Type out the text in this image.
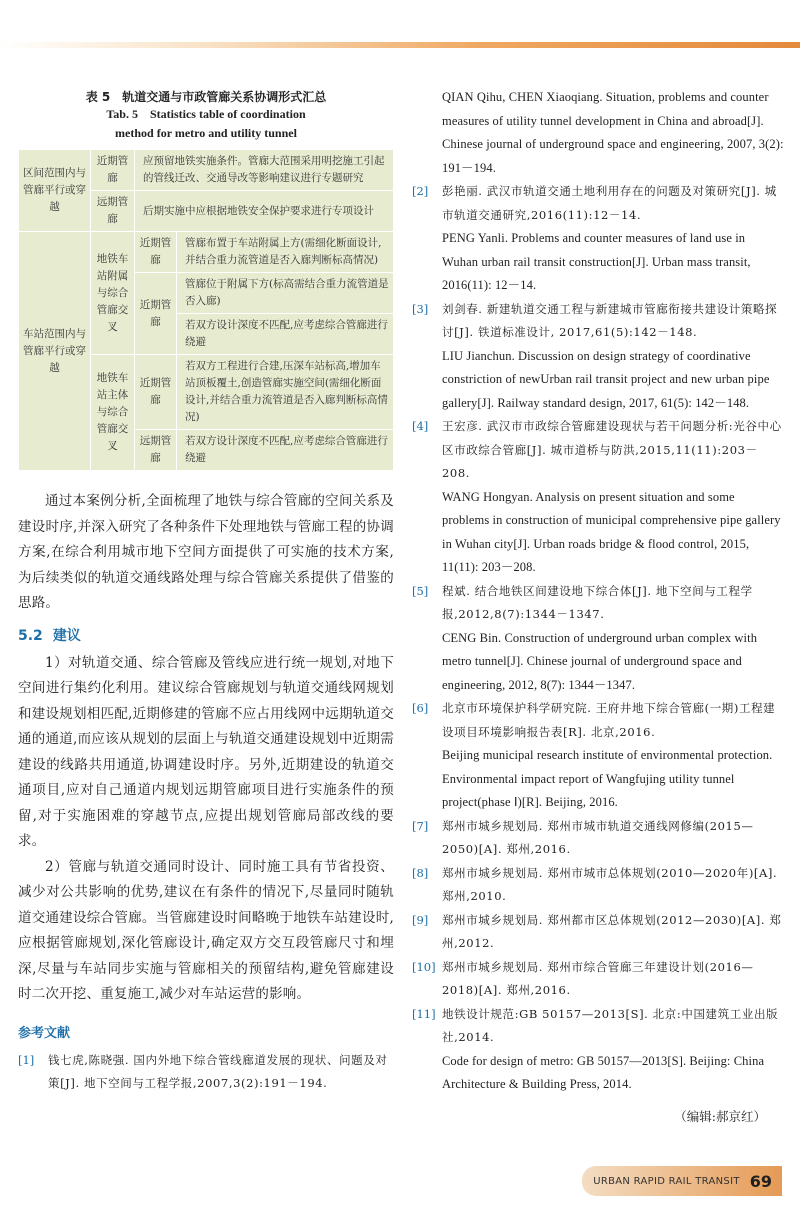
表 5　轨道交通与市政管廊关系协调形式汇总
Tab. 5　Statistics table of coordination
method for metro and utility tunnel
区间范围内与管廊平行或穿越	近期管廊	应预留地铁实施条件。管廊大范围采用明挖施工引起的管线迁改、交通导改等影响建议进行专题研究	
	远期管廊	后期实施中应根据地铁安全保护要求进行专项设计	
车站范围内与管廊平行或穿越	地铁车站附属与综合管廊交叉	近期管廊	管廊布置于车站附属上方(需细化断面设计,并结合重力流管道是否入廊判断标高情况)
		近期管廊	管廊位于附属下方(标高需结合重力流管道是否入廊)
			若双方设计深度不匹配,应考虑综合管廊进行绕避
	地铁车站主体与综合管廊交叉	近期管廊	若双方工程进行合建,压深车站标高,增加车站顶板覆土,创造管廊实施空间(需细化断面设计,并结合重力流管道是否入廊判断标高情况)
		远期管廊	若双方设计深度不匹配,应考虑综合管廊进行绕避

通过本案例分析,全面梳理了地铁与综合管廊的空间关系及建设时序,并深入研究了各种条件下处理地铁与管廊工程的协调方案,在综合利用城市地下空间方面提供了可实施的技术方案,为后续类似的轨道交通线路处理与综合管廊关系提供了借鉴的思路。

5.2 建议

1）对轨道交通、综合管廊及管线应进行统一规划,对地下空间进行集约化利用。建议综合管廊规划与轨道交通线网规划和建设规划相匹配,近期修建的管廊不应占用线网中远期轨道交通的通道,而应该从规划的层面上与轨道交通建设规划中近期需建设的线路共用通道,协调建设时序。另外,近期建设的轨道交通项目,应对自己通道内规划远期管廊项目进行实施条件的预留,对于实施困难的穿越节点,应提出规划管廊局部改线的要求。

2）管廊与轨道交通同时设计、同时施工具有节省投资、减少对公共影响的优势,建议在有条件的情况下,尽量同时随轨道交通建设综合管廊。当管廊建设时间略晚于地铁车站建设时,应根据管廊规划,深化管廊设计,确定双方交互段管廊尺寸和埋深,尽量与车站同步实施与管廊相关的预留结构,避免管廊建设时二次开挖、重复施工,减少对车站运营的影响。

参考文献

[1] 钱七虎,陈晓强. 国内外地下综合管线廊道发展的现状、问题及对策[J]. 地下空间与工程学报,2007,3(2):191－194.

QIAN Qihu, CHEN Xiaoqiang. Situation, problems and counter measures of utility tunnel development in China and abroad[J]. Chinese journal of underground space and engineering, 2007, 3(2): 191－194.

[2] 彭艳丽. 武汉市轨道交通土地利用存在的问题及对策研究[J]. 城市轨道交通研究,2016(11):12－14.
PENG Yanli. Problems and counter measures of land use in Wuhan urban rail transit construction[J]. Urban mass transit, 2016(11): 12－14.

[3] 刘剑春. 新建轨道交通工程与新建城市管廊衔接共建设计策略探讨[J]. 铁道标准设计, 2017,61(5):142－148.
LIU Jianchun. Discussion on design strategy of coordinative constriction of newUrban rail transit project and new urban pipe gallery[J]. Railway standard design, 2017, 61(5): 142－148.

[4] 王宏彦. 武汉市市政综合管廊建设现状与若干问题分析:光谷中心区市政综合管廊[J]. 城市道桥与防洪,2015,11(11):203－208.
WANG Hongyan. Analysis on present situation and some problems in construction of municipal comprehensive pipe gallery in Wuhan city[J]. Urban roads bridge & flood control, 2015, 11(11): 203－208.

[5] 程斌. 结合地铁区间建设地下综合体[J]. 地下空间与工程学报,2012,8(7):1344－1347.
CENG Bin. Construction of underground urban complex with metro tunnel[J]. Chinese journal of underground space and engineering, 2012, 8(7): 1344－1347.

[6] 北京市环境保护科学研究院. 王府井地下综合管廊(一期)工程建设项目环境影响报告表[R]. 北京,2016.
Beijing municipal research institute of environmental protection. Environmental impact report of Wangfujing utility tunnel project(phase Ⅰ)[R]. Beijing, 2016.

[7] 郑州市城乡规划局. 郑州市城市轨道交通线网修编(2015—2050)[A]. 郑州,2016.

[8] 郑州市城乡规划局. 郑州市城市总体规划(2010—2020年)[A]. 郑州,2010.

[9] 郑州市城乡规划局. 郑州都市区总体规划(2012—2030)[A]. 郑州,2012.

[10] 郑州市城乡规划局. 郑州市综合管廊三年建设计划(2016—2018)[A]. 郑州,2016.

[11] 地铁设计规范:GB 50157—2013[S]. 北京:中国建筑工业出版社,2014.
Code for design of metro: GB 50157—2013[S]. Beijing: China Architecture & Building Press, 2014.

（编辑:郝京红）
URBAN RAPID RAIL TRANSIT 69
